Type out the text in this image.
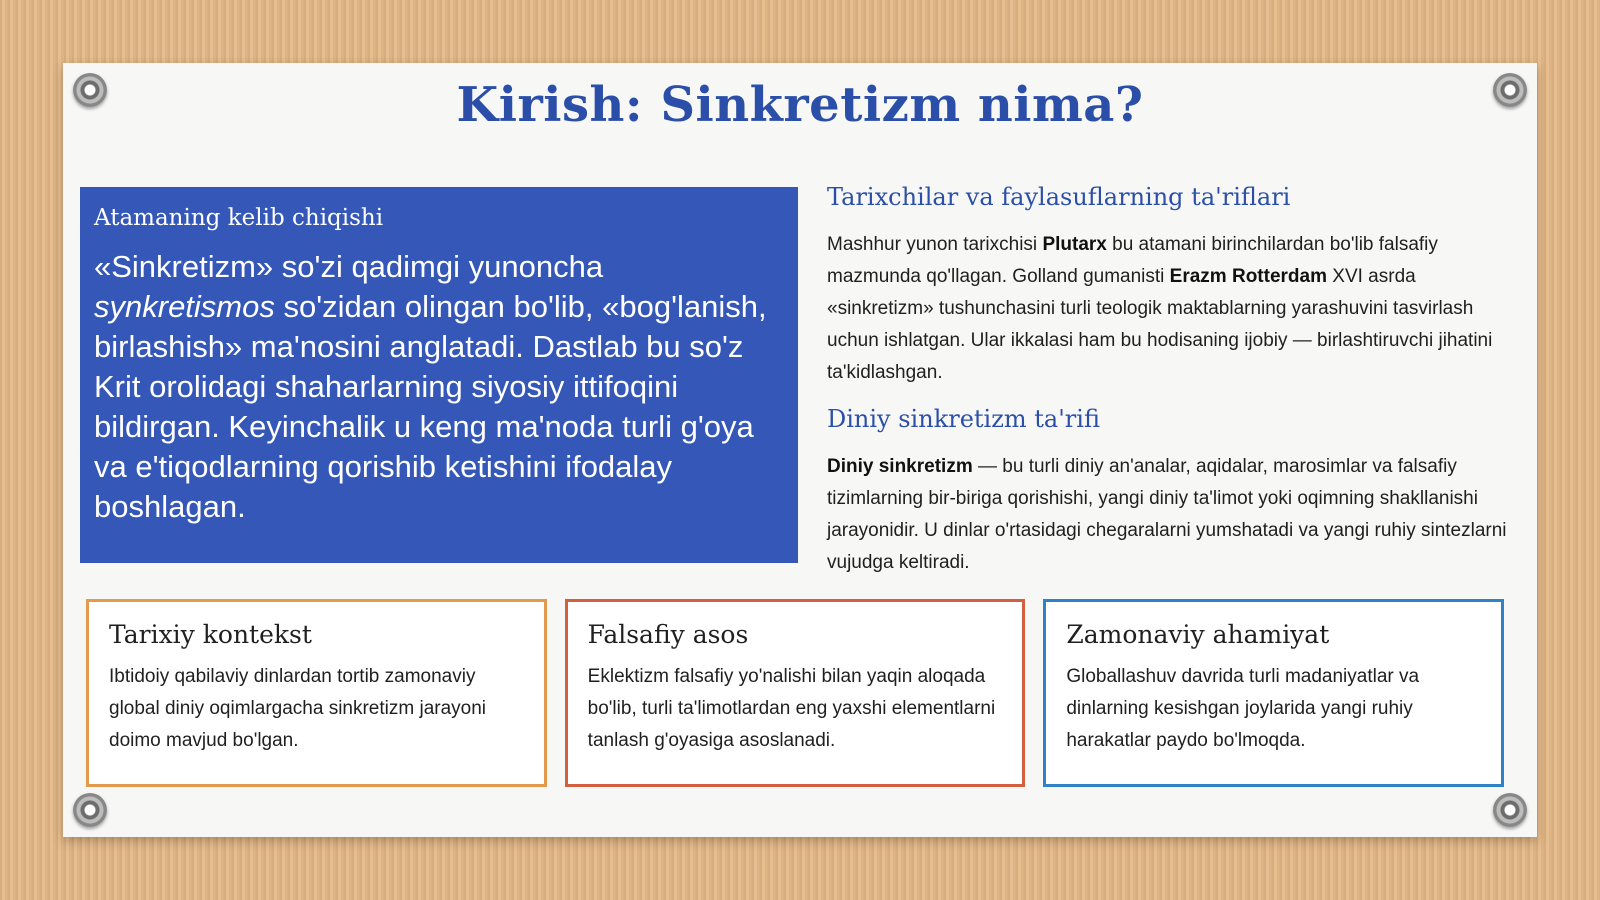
Kirish: Sinkretizm nima?
Atamaning kelib chiqishi
«Sinkretizm» so'zi qadimgi yunoncha synkretismos so'zidan olingan bo'lib, «bog'lanish, birlashish» ma'nosini anglatadi. Dastlab bu so'z Krit orolidagi shaharlarning siyosiy ittifoqini bildirgan. Keyinchalik u keng ma'noda turli g'oya va e'tiqodlarning qorishib ketishini ifodalay boshlagan.
Tarixchilar va faylasuflarning ta'riflari

Mashhur yunon tarixchisi Plutarx bu atamani birinchilardan bo'lib falsafiy mazmunda qo'llagan. Golland gumanisti Erazm Rotterdam XVI asrda «sinkretizm» tushunchasini turli teologik maktablarning yarashuvini tasvirlash uchun ishlatgan. Ular ikkalasi ham bu hodisaning ijobiy — birlashtiruvchi jihatini ta'kidlashgan.

Diniy sinkretizm ta'rifi

Diniy sinkretizm — bu turli diniy an'analar, aqidalar, marosimlar va falsafiy tizimlarning bir-biriga qorishishi, yangi diniy ta'limot yoki oqimning shakllanishi jarayonidir. U dinlar o'rtasidagi chegaralarni yumshatadi va yangi ruhiy sintezlarni vujudga keltiradi.

Tarixiy kontekst

Ibtidoiy qabilaviy dinlardan tortib zamonaviy global diniy oqimlargacha sinkretizm jarayoni doimo mavjud bo'lgan.

Falsafiy asos

Eklektizm falsafiy yo'nalishi bilan yaqin aloqada bo'lib, turli ta'limotlardan eng yaxshi elementlarni tanlash g'oyasiga asoslanadi.

Zamonaviy ahamiyat

Globallashuv davrida turli madaniyatlar va dinlarning kesishgan joylarida yangi ruhiy harakatlar paydo bo'lmoqda.
